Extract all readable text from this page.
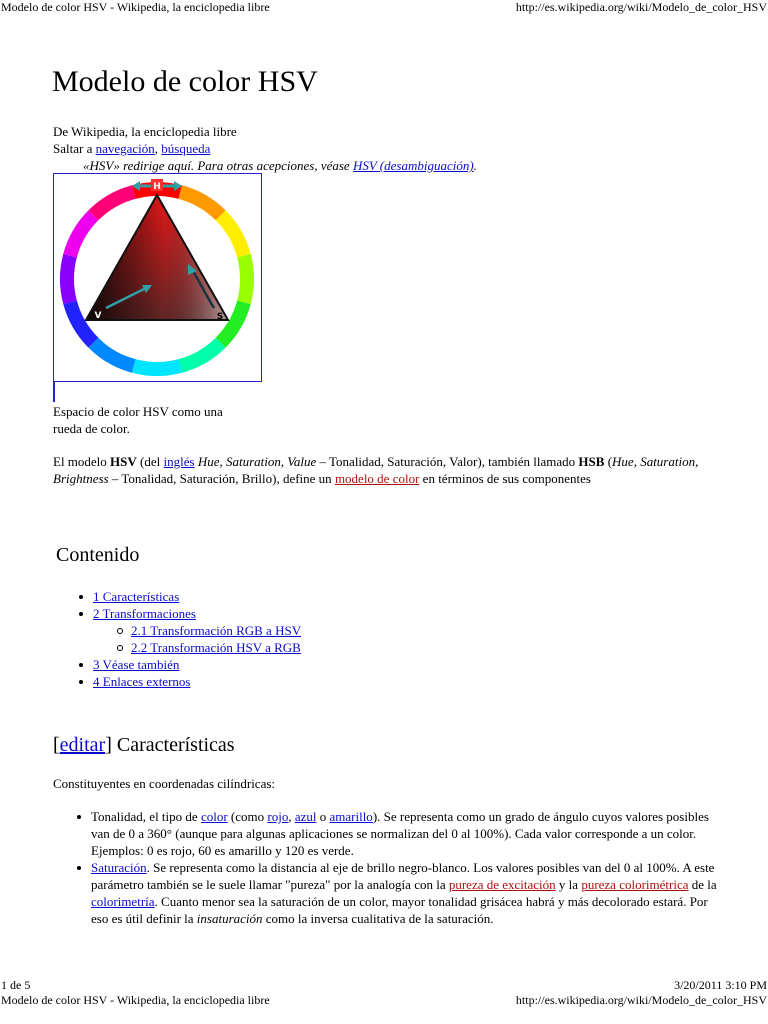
Modelo de color HSV - Wikipedia, la enciclopedia libre	http://es.wikipedia.org/wiki/Modelo_de_color_HSV
Modelo de color HSV
De Wikipedia, la enciclopedia libre
Saltar a navegación, búsqueda
«HSV» redirige aquí. Para otras acepciones, véase HSV (desambiguación).
H
V	S
Espacio de color HSV como una
rueda de color.
El modelo HSV (del inglés Hue, Saturation, Value – Tonalidad, Saturación, Valor), también llamado HSB (Hue, Saturation, Brightness – Tonalidad, Saturación, Brillo), define un modelo de color en términos de sus componentes
Contenido
1 Características
2 Transformaciones
2.1 Transformación RGB a HSV
2.2 Transformación HSV a RGB
3 Véase también
4 Enlaces externos
[editar] Características
Constituyentes en coordenadas cilíndricas:
Tonalidad, el tipo de color (como rojo, azul o amarillo). Se representa como un grado de ángulo cuyos valores posibles van de 0 a 360° (aunque para algunas aplicaciones se normalizan del 0 al 100%). Cada valor corresponde a un color. Ejemplos: 0 es rojo, 60 es amarillo y 120 es verde.
Saturación. Se representa como la distancia al eje de brillo negro-blanco. Los valores posibles van del 0 al 100%. A este parámetro también se le suele llamar "pureza" por la analogía con la pureza de excitación y la pureza colorimétrica de la colorimetría. Cuanto menor sea la saturación de un color, mayor tonalidad grisácea habrá y más decolorado estará. Por eso es útil definir la insaturación como la inversa cualitativa de la saturación.
1 de 5	3/20/2011 3:10 PM
Modelo de color HSV - Wikipedia, la enciclopedia libre	http://es.wikipedia.org/wiki/Modelo_de_color_HSV
